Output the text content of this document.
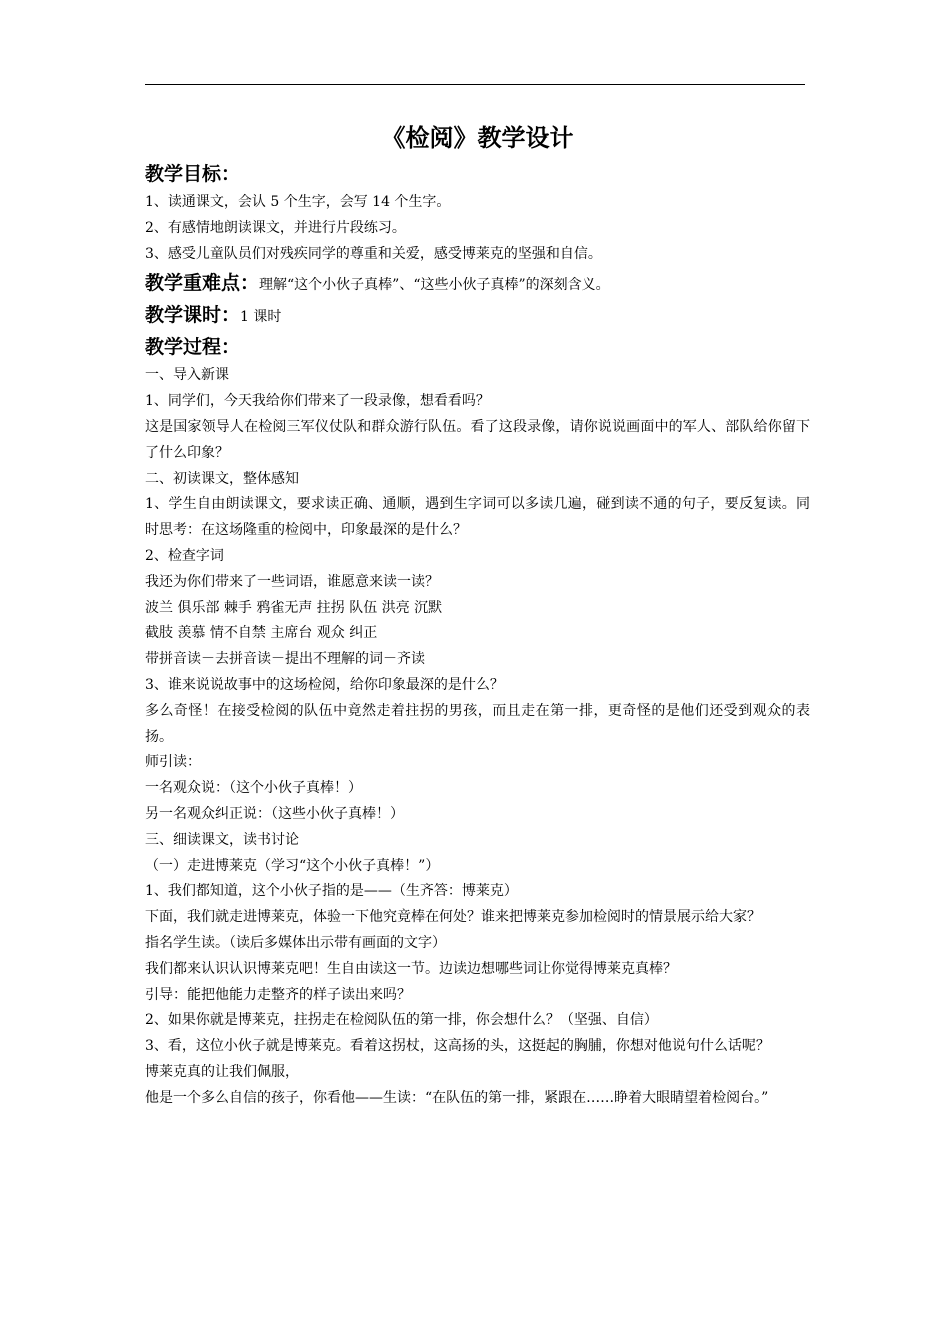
《检阅》教学设计
教学目标：
1、读通课文，会认 5 个生字，会写 14 个生字。
2、有感情地朗读课文，并进行片段练习。
3、感受儿童队员们对残疾同学的尊重和关爱，感受博莱克的坚强和自信。
教学重难点：理解“这个小伙子真棒”、“这些小伙子真棒”的深刻含义。
教学课时：1 课时
教学过程：
一、导入新课
1、同学们，今天我给你们带来了一段录像，想看看吗？
这是国家领导人在检阅三军仪仗队和群众游行队伍。看了这段录像，请你说说画面中的军人、部队给你留下了什么印象？
二、初读课文，整体感知
1、学生自由朗读课文，要求读正确、通顺，遇到生字词可以多读几遍，碰到读不通的句子，要反复读。同时思考：在这场隆重的检阅中，印象最深的是什么？
2、检查字词
我还为你们带来了一些词语，谁愿意来读一读？
波兰 俱乐部 棘手 鸦雀无声 拄拐 队伍 洪亮 沉默
截肢 羡慕 情不自禁 主席台 观众 纠正
带拼音读－去拼音读－提出不理解的词－齐读
3、谁来说说故事中的这场检阅，给你印象最深的是什么？
多么奇怪！在接受检阅的队伍中竟然走着拄拐的男孩，而且走在第一排，更奇怪的是他们还受到观众的表扬。
师引读：
一名观众说：（这个小伙子真棒！）
另一名观众纠正说：（这些小伙子真棒！）
三、细读课文，读书讨论
（一）走进博莱克（学习“这个小伙子真棒！”）
1、我们都知道，这个小伙子指的是——（生齐答：博莱克）
下面，我们就走进博莱克，体验一下他究竟棒在何处？谁来把博莱克参加检阅时的情景展示给大家？
指名学生读。（读后多媒体出示带有画面的文字）
我们都来认识认识博莱克吧！生自由读这一节。边读边想哪些词让你觉得博莱克真棒？
引导：能把他能力走整齐的样子读出来吗？
2、如果你就是博莱克，拄拐走在检阅队伍的第一排，你会想什么？（坚强、自信）
3、看，这位小伙子就是博莱克。看着这拐杖，这高扬的头，这挺起的胸脯，你想对他说句什么话呢？
博莱克真的让我们佩服，
他是一个多么自信的孩子，你看他——生读：“在队伍的第一排，紧跟在……睁着大眼睛望着检阅台。”
